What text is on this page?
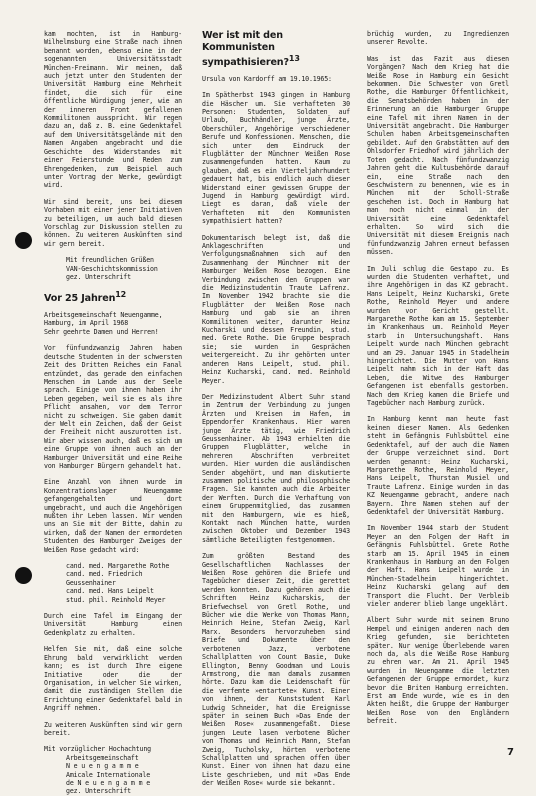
kam mochten, ist in Hamburg-Wilhelmsburg eine Straße nach ihnen benannt worden, ebenso eine in der sogenannten Universitätsstadt München-Freimann. Wir meinen, daß auch jetzt unter den Studenten der Universität Hamburg eine Mehrheit findet, die sich für eine öffentliche Würdigung jener, wie an der inneren Front gefallenen Kommilitonen ausspricht. Wir regen dazu an, daß z. B. eine Gedenktafel auf dem Universitätsgelände mit den Namen Angaben angebracht und die Geschichte des Widerstandes mit einer Feierstunde und Reden zum Ehrengedenken, zum Beispiel auch unter Vortrag der Werke, gewürdigt wird.

Wir sind bereit, uns bei diesem Vorhaben mit einer jener Initiativen zu beteiligen, um auch bald diesen Vorschlag zur Diskussion stellen zu können. Zu weiteren Auskünften sind wir gern bereit.

Mit freundlichen Grüßen
VAN-Geschichtskommission
gez. Unterschrift
Vor 25 Jahren$^{12}$
Arbeitsgemeinschaft Neuengamme,
Hamburg, im April 1968

Sehr geehrte Damen und Herren!

Vor fünfundzwanzig Jahren haben deutsche Studenten in der schwersten Zeit des Dritten Reiches ein Fanal entzündet, das gerade den einfachen Menschen im Lande aus der Seele sprach. Einige von ihnen haben ihr Leben gegeben, weil sie es als ihre Pflicht ansahen, vor dem Terror nicht zu schweigen. Sie gaben damit der Welt ein Zeichen, daß der Geist der Freiheit nicht auszurotten ist. Wir aber wissen auch, daß es sich um eine Gruppe von ihnen auch an der Hamburger Universität und eine Reihe von Hamburger Bürgern gehandelt hat.

Eine Anzahl von ihnen wurde im Konzentrationslager Neuengamme gefangengehalten und dort umgebracht, und auch die Angehörigen mußten ihr Leben lassen. Wir wenden uns an Sie mit der Bitte, dahin zu wirken, daß der Namen der ermordeten Studenten des Hamburger Zweiges der Weißen Rose gedacht wird:

cand. med. Margarethe Rothe
cand. med. Friedrich Geussenhainer
cand. med. Hans Leipelt
stud. phil. Reinhold Meyer

Durch eine Tafel im Eingang der Universität Hamburg einen Gedenkplatz zu erhalten.

Helfen Sie mit, daß eine solche Ehrung bald verwirklicht werden kann; es ist durch Ihre eigene Initiative oder die der Organisation, in welcher Sie wirken, damit die zuständigen Stellen die Errichtung einer Gedenktafel bald in Angriff nehmen.

Zu weiteren Auskünften sind wir gern bereit.

Mit vorzüglicher Hochachtung
Arbeitsgemeinschaft
N e u e n g a m m e
Amicale Internationale
de N e u e n g a m m e
gez. Unterschrift
Wer ist mit den Kommunisten sympathisieren?$^{13}$

Ursula von Kardorff am 19.10.1965:

Im Spätherbst 1943 gingen in Hamburg die Häscher um. Sie verhafteten 30 Personen: Studenten, Soldaten auf Urlaub, Buchhändler, junge Ärzte, Oberschüler, Angehörige verschiedener Berufe und Konfessionen. Menschen, die sich unter dem Eindruck der Flugblätter der Münchner Weißen Rose zusammengefunden hatten. Kaum zu glauben, daß es ein Vierteljahrhundert gedauert hat, bis endlich auch dieser Widerstand einer gewissen Gruppe der Jugend in Hamburg gewürdigt wird. Liegt es daran, daß viele der Verhafteten mit den Kommunisten sympathisiert hatten?

Dokumentarisch belegt ist, daß die Anklageschriften und Verfolgungsmaßnahmen sich auf den Zusammenhang der Münchner mit der Hamburger Weißen Rose bezogen. Eine Verbindung zwischen den Gruppen war die Medizinstudentin Traute Lafrenz. Im November 1942 brachte sie die Flugblätter der Weißen Rose nach Hamburg und gab sie an ihren Kommilitonen weiter, darunter Heinz Kucharski und dessen Freundin, stud. med. Grete Rothe. Die Gruppe besprach sie; sie wurden in Gesprächen weitergereicht. Zu ihr gehörten unter anderen Hans Leipelt, stud. phil. Heinz Kucharski, cand. med. Reinhold Meyer.

Der Medizinstudent Albert Suhr stand im Zentrum der Verbindung zu jungen Ärzten und Kreisen im Hafen, im Eppendorfer Krankenhaus. Hier waren junge Ärzte tätig, wie Friedrich Geussenhainer. Ab 1943 erhielten die Gruppen Flugblätter, welche in mehreren Abschriften verbreitet wurden. Hier wurden die ausländischen Sender abgehört, und man diskutierte zusammen politische und philosophische Fragen. Sie kannten auch die Arbeiter der Werften. Durch die Verhaftung von einem Gruppenmitglied, das zusammen mit den Hamburgern, wie es hieß, Kontakt nach München hatte, wurden zwischen Oktober und Dezember 1943 sämtliche Beteiligten festgenommen.

Zum größten Bestand des Gesellschaftlichen Nachlasses der Weißen Rose gehören die Briefe und Tagebücher dieser Zeit, die gerettet werden konnten. Dazu gehören auch die Schriften Heinz Kucharskis, der Briefwechsel von Gretl Rothe, und Bücher wie die Werke von Thomas Mann, Heinrich Heine, Stefan Zweig, Karl Marx. Besonders hervorzuheben sind Briefe und Dokumente über den verbotenen Jazz, verbotene Schallplatten von Count Basie, Duke Ellington, Benny Goodman und Louis Armstrong, die man damals zusammen hörte. Dazu kam die Leidenschaft für die verfemte »entartete« Kunst. Einer von ihnen, der Kunststudent Karl Ludwig Schneider, hat die Ereignisse später in seinem Buch »Das Ende der Weißen Rose« zusammengefaßt. Diese jungen Leute lasen verbotene Bücher von Thomas und Heinrich Mann, Stefan Zweig, Tucholsky, hörten verbotene Schallplatten und sprachen offen über Kunst. Einer von ihnen hat dazu eine Liste geschrieben, und mit »Das Ende der Weißen Rose« wurde sie bekannt.

brüchig wurden, zu Ingredienzen unserer Revolte.

Was ist das Fazit aus diesen Vorgängen? Nach dem Krieg hat die Weiße Rose in Hamburg ein Gesicht bekommen. Die Schwester von Gretl Rothe, die Hamburger Öffentlichkeit, die Senatsbehörden haben in der Erinnerung an die Hamburger Gruppe eine Tafel mit ihren Namen in der Universität angebracht. Die Hamburger Schulen haben Arbeitsgemeinschaften gebildet. Auf den Grabstätten auf dem Ohlsdorfer Friedhof wird jährlich der Toten gedacht. Nach fünfundzwanzig Jahren geht die Kultusbehörde darauf ein, eine Straße nach den Geschwistern zu benennen, wie es in München mit der Scholl-Straße geschehen ist. Doch in Hamburg hat man noch nicht einmal in der Universität eine Gedenktafel erhalten. So wird sich die Universität mit diesem Ereignis nach fünfundzwanzig Jahren erneut befassen müssen.

Im Juli schlug die Gestapo zu. Es wurden die Studenten verhaftet, und ihre Angehörigen in das KZ gebracht. Hans Leipelt, Heinz Kucharski, Grete Rothe, Reinhold Meyer und andere wurden vor Gericht gestellt. Margarethe Rothe kam am 15. September im Krankenhaus um. Reinhold Meyer starb in Untersuchungshaft. Hans Leipelt wurde nach München gebracht und am 29. Januar 1945 in Stadelheim hingerichtet. Die Mutter von Hans Leipelt nahm sich in der Haft das Leben, die Witwe des Hamburger Gefangenen ist ebenfalls gestorben. Nach dem Krieg kamen die Briefe und Tagebücher nach Hamburg zurück.

In Hamburg kennt man heute fast keinen dieser Namen. Als Gedenken steht im Gefängnis Fuhlsbüttel eine Gedenktafel, auf der auch die Namen der Gruppe verzeichnet sind. Dort werden genannt: Heinz Kucharski, Margarethe Rothe, Reinhold Meyer, Hans Leipelt, Thurstan Musiel und Traute Lafrenz. Einige wurden in das KZ Neuengamme gebracht, andere nach Bayern. Ihre Namen stehen auf der Gedenktafel der Universität Hamburg.

Im November 1944 starb der Student Meyer an den Folgen der Haft im Gefängnis Fuhlsbüttel. Grete Rothe starb am 15. April 1945 in einem Krankenhaus in Hamburg an den Folgen der Haft. Hans Leipelt wurde in München-Stadelheim hingerichtet. Heinz Kucharski gelang auf dem Transport die Flucht. Der Verbleib vieler anderer blieb lange ungeklärt.

Albert Suhr wurde mit seinem Bruno Hempel und einigen anderen nach dem Krieg gefunden, sie berichteten später. Nur wenige Überlebende waren noch da, als die Weiße Rose Hamburg zu ehren war. Am 21. April 1945 wurden in Neuengamme die letzten Gefangenen der Gruppe ermordet, kurz bevor die Briten Hamburg erreichten. Erst am Ende wurde, wie es in den Akten heißt, die Gruppe der Hamburger Weißen Rose von den Engländern befreit.

7
